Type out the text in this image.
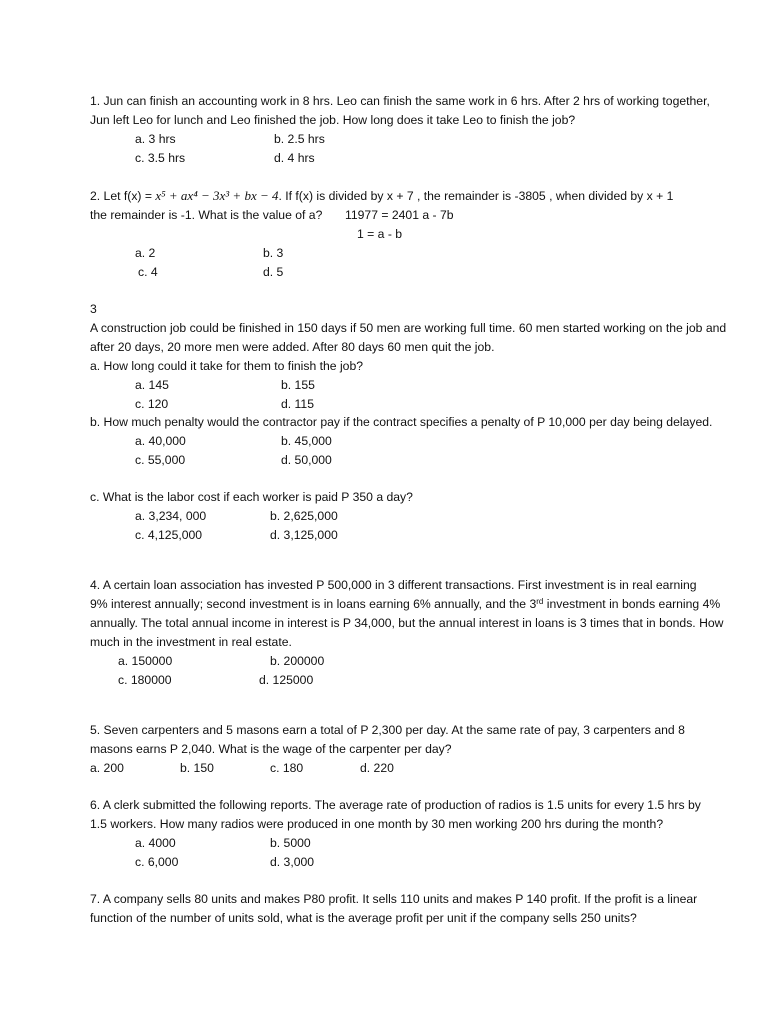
1. Jun can finish an accounting work in 8 hrs. Leo can finish the same work in 6 hrs. After 2 hrs of working together,
Jun left Leo for lunch and Leo finished the job. How long does it take Leo to finish the job?
a. 3 hrs	b. 2.5 hrs
c. 3.5 hrs	d. 4 hrs
2. Let f(x) = x⁵ + ax⁴ − 3x³ + bx − 4. If f(x) is divided by x + 7 , the remainder is -3805 , when divided by x + 1
the remainder is -1. What is the value of a? 11977 = 2401 a - 7b
1 = a - b
a. 2	b. 3
c. 4	d. 5
3
A construction job could be finished in 150 days if 50 men are working full time. 60 men started working on the job and
after 20 days, 20 more men were added. After 80 days 60 men quit the job.
a. How long could it take for them to finish the job?
a. 145	b. 155
c. 120	d. 115
b. How much penalty would the contractor pay if the contract specifies a penalty of P 10,000 per day being delayed.
a. 40,000	b. 45,000
c. 55,000	d. 50,000
c. What is the labor cost if each worker is paid P 350 a day?
a. 3,234, 000	b. 2,625,000
c. 4,125,000	d. 3,125,000
4. A certain loan association has invested P 500,000 in 3 different transactions. First investment is in real earning
9% interest annually; second investment is in loans earning 6% annually, and the 3rd investment in bonds earning 4%
annually. The total annual income in interest is P 34,000, but the annual interest in loans is 3 times that in bonds. How
much in the investment in real estate.
a. 150000	b. 200000
c. 180000	d. 125000
5. Seven carpenters and 5 masons earn a total of P 2,300 per day. At the same rate of pay, 3 carpenters and 8
masons earns P 2,040. What is the wage of the carpenter per day?
a. 200	b. 150	c. 180	d. 220
6. A clerk submitted the following reports. The average rate of production of radios is 1.5 units for every 1.5 hrs by
1.5 workers. How many radios were produced in one month by 30 men working 200 hrs during the month?
a. 4000	b. 5000
c. 6,000	d. 3,000
7. A company sells 80 units and makes P80 profit. It sells 110 units and makes P 140 profit. If the profit is a linear
function of the number of units sold, what is the average profit per unit if the company sells 250 units?
